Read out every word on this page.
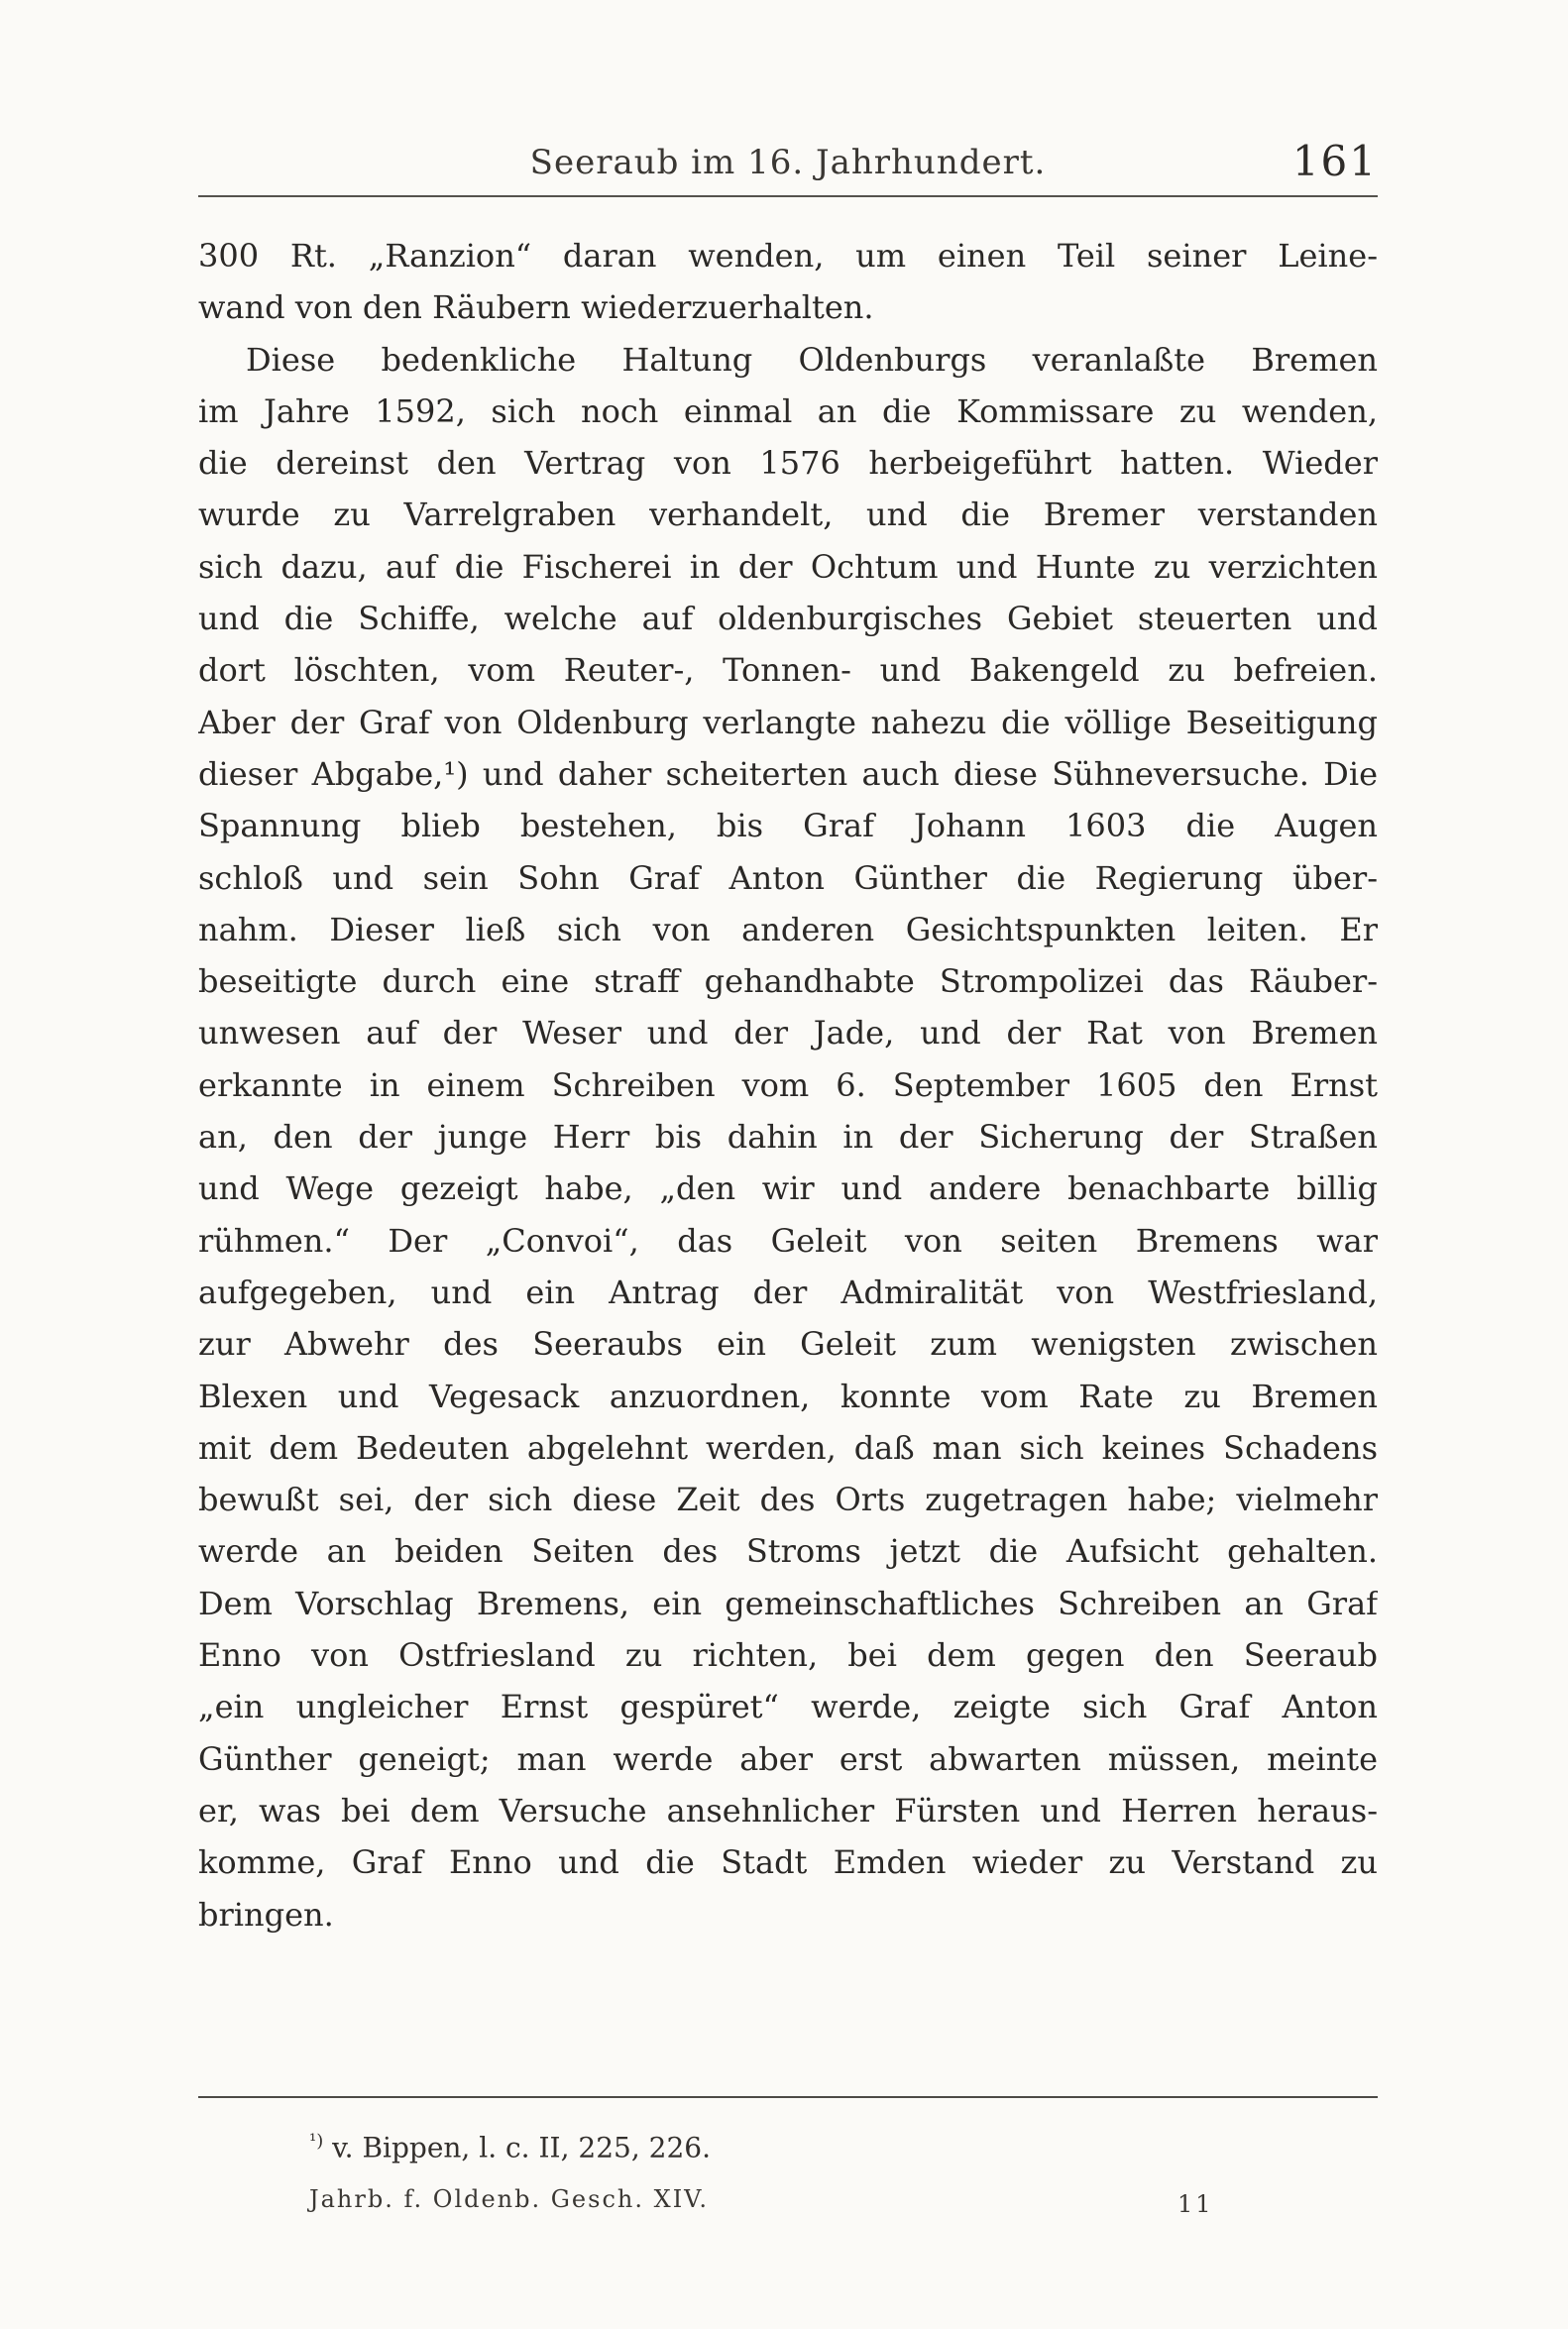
Seeraub im 16. Jahrhundert.	161
300 Rt. „Ranzion“ daran wenden, um einen Teil seiner Leine-
wand von den Räubern wiederzuerhalten.
Diese bedenkliche Haltung Oldenburgs veranlaßte Bremen
im Jahre 1592, sich noch einmal an die Kommissare zu wenden,
die dereinst den Vertrag von 1576 herbeigeführt hatten. Wieder
wurde zu Varrelgraben verhandelt, und die Bremer verstanden
sich dazu, auf die Fischerei in der Ochtum und Hunte zu verzichten
und die Schiffe, welche auf oldenburgisches Gebiet steuerten und
dort löschten, vom Reuter-, Tonnen- und Bakengeld zu befreien.
Aber der Graf von Oldenburg verlangte nahezu die völlige Beseitigung
dieser Abgabe,¹) und daher scheiterten auch diese Sühneversuche. Die
Spannung blieb bestehen, bis Graf Johann 1603 die Augen
schloß und sein Sohn Graf Anton Günther die Regierung über-
nahm. Dieser ließ sich von anderen Gesichtspunkten leiten. Er
beseitigte durch eine straff gehandhabte Strompolizei das Räuber-
unwesen auf der Weser und der Jade, und der Rat von Bremen
erkannte in einem Schreiben vom 6. September 1605 den Ernst
an, den der junge Herr bis dahin in der Sicherung der Straßen
und Wege gezeigt habe, „den wir und andere benachbarte billig
rühmen.“ Der „Convoi“, das Geleit von seiten Bremens war
aufgegeben, und ein Antrag der Admiralität von Westfriesland,
zur Abwehr des Seeraubs ein Geleit zum wenigsten zwischen
Blexen und Vegesack anzuordnen, konnte vom Rate zu Bremen
mit dem Bedeuten abgelehnt werden, daß man sich keines Schadens
bewußt sei, der sich diese Zeit des Orts zugetragen habe; vielmehr
werde an beiden Seiten des Stroms jetzt die Aufsicht gehalten.
Dem Vorschlag Bremens, ein gemeinschaftliches Schreiben an Graf
Enno von Ostfriesland zu richten, bei dem gegen den Seeraub
„ein ungleicher Ernst gespüret“ werde, zeigte sich Graf Anton
Günther geneigt; man werde aber erst abwarten müssen, meinte
er, was bei dem Versuche ansehnlicher Fürsten und Herren heraus-
komme, Graf Enno und die Stadt Emden wieder zu Verstand zu
bringen.
$^{^1)}$ v. Bippen, l. c. II, 225, 226.
Jahrb. f. Oldenb. Gesch. XIV.	11
